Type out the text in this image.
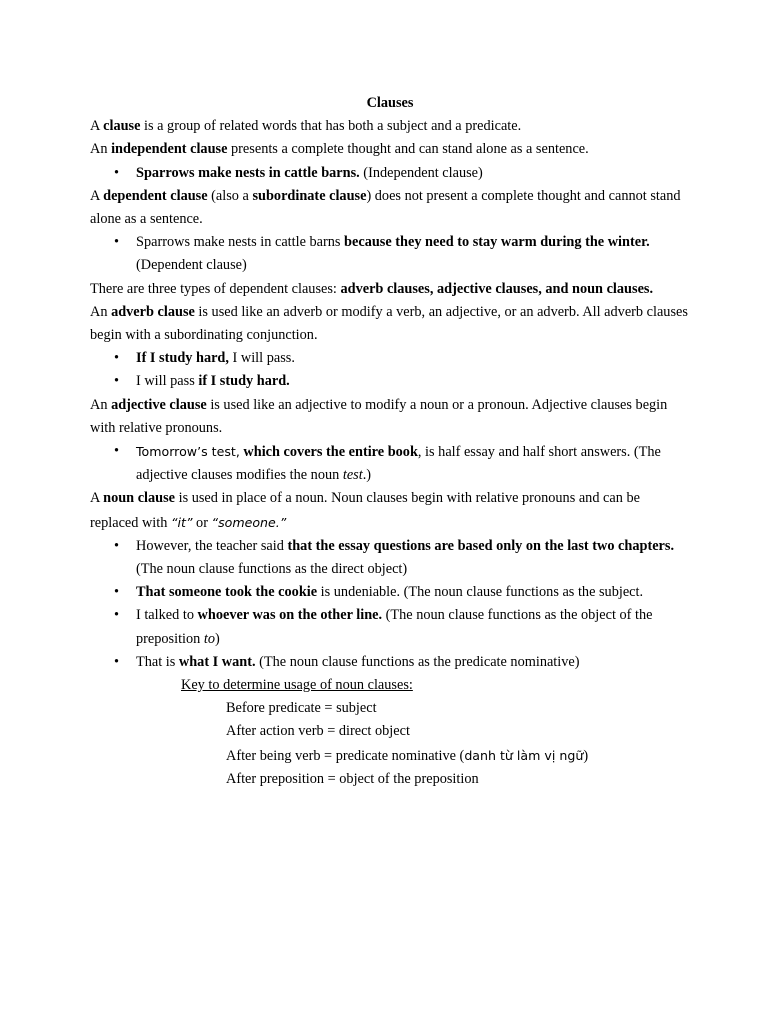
Clauses

A clause is a group of related words that has both a subject and a predicate.

An independent clause presents a complete thought and can stand alone as a sentence.

• Sparrows make nests in cattle barns. (Independent clause)

A dependent clause (also a subordinate clause) does not present a complete thought and cannot stand alone as a sentence.

• Sparrows make nests in cattle barns because they need to stay warm during the winter. (Dependent clause)

There are three types of dependent clauses: adverb clauses, adjective clauses, and noun clauses.

An adverb clause is used like an adverb or modify a verb, an adjective, or an adverb. All adverb clauses begin with a subordinating conjunction.

• If I study hard, I will pass.
• I will pass if I study hard.

An adjective clause is used like an adjective to modify a noun or a pronoun. Adjective clauses begin with relative pronouns.

• Tomorrow’s test, which covers the entire book, is half essay and half short answers. (The adjective clauses modifies the noun test.)

A noun clause is used in place of a noun. Noun clauses begin with relative pronouns and can be replaced with “it” or “someone.”

• However, the teacher said that the essay questions are based only on the last two chapters. (The noun clause functions as the direct object)
• That someone took the cookie is undeniable. (The noun clause functions as the subject.
• I talked to whoever was on the other line. (The noun clause functions as the object of the preposition to)
• That is what I want. (The noun clause functions as the predicate nominative)

Key to determine usage of noun clauses:

Before predicate = subject

After action verb = direct object

After being verb = predicate nominative (danh từ làm vị ngữ)

After preposition = object of the preposition
